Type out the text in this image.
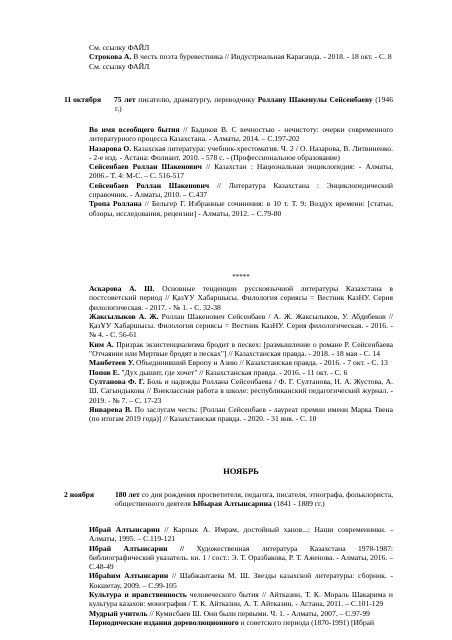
См. ссылку ФАЙЛ
Строкова А. В честь поэта буревестника // Индустриальная Караганда. - 2018. - 18 окт. - С. 8
См. ссылку ФАЙЛ
11 октября 75 лет писателю, драматургу, переводчику Роллану Шакенулы Сейсенбаеву (1946 г.)
Во имя всеобщего бытия // Бадиков В. С вечностью - нечистоту: очерки современного литературного процесса Казахстана. - Алматы, 2014. – С.197-202
Назарова О. Казахская литература: учебник-хрестоматия. Ч. 2 / О. Назарова, В. Литвиненко. - 2-е изд. - Астана: Фолиант, 2010. - 578 с. - (Профессиональное образование)
Сейсенбаев Роллан Шакенович // Казахстан : Национальная энциклопедия: - Алматы, 2006.- Т. 4: М-С. – С. 516-517
Сейсенбаев Роллан Шакенович // Литература Казахстана : Энциклопедический справочник. - Алматы, 2010. – С.437
Тропа Роллана // Бельгер Г. Избранные сочинения: в 10 т. Т. 9: Воздух времени: [статьи, обзоры, исследования, рецензии] - Алматы, 2012. – С.79-80
*****
Аскарова А. Ш. Основные тенденции русскоязычной литературы Казахстана в постсоветский период // ҚазҰУ Хабаршысы. Филология сериясы = Вестник КазНУ. Серия филологическая. - 2017. - № 1. - С. 32-38
Жаксылыков А. Ж. Роллан Шакенович Сейсенбаев / А. Ж. Жаксылыков, У. Абдибеков // ҚазҰУ Хабаршысы. Филология сериясы = Вестник КазНУ. Серия филологическая. - 2016. - № 4. - С. 56-61
Ким А. Призрак экзистенциализма бродит в пескех: [размышление о романе Р. Сейсенбаева "Отчаяние или Мертвые бродят в песках"] // Казахстанская правда. - 2018. - 18 мая - С. 14
Манбетеев У. Объединивший Европу и Азию // Казахстанская правда. - 2016. - 7 окт. - С. 13
Попов Е. "Дух дышит, где хочет" // Казахстанская правда. - 2016. - 11 окт. - С. 6
Султанова Ф. Г. Боль и надежды Роллана Сейсенбаева / Ф. Г. Султанова, Н. А. Жустова, А. Ш. Сагындыкова // Внеклассная работа в школе: республиканский педагогический журнал. - 2019. - № 7. – С. 17-23
Январева В. По заслугам честь: [Роллан Сейсенбаев - лауреат премии имени Марка Твена (по итогам 2019 года)] // Казахстанская правда. - 2020. - 31 янв. - С. 10
НОЯБРЬ
2 ноября	180 лет со дня рождения просветителя, педагога, писателя, этнографа, фольклориста, общественного деятеля Ыбырая Алтынсарина (1841 - 1889 гг.)
Ибрай Алтынсарин // Карпык А. Имрам, достойный ханов...: Наши современники. - Алматы, 1995. – С.119-121
Ибрай Алтынсарин // Художественная литература Казахстана 1978-1987: библиографический указатель. кн. 1 / сост.: Э. Т. Оразбакова, Р. Т. Аженова. - Алматы, 2016. – С.48-49
Ибраhим Алтынсарин // Шабжантаева М. Ш. Звезды казахской литературы: сборник. - Кокшетау, 2009. – С.99-105
Культура и нравственность человеческого бытия // Айтказин, Т. К. Мораль Шакарима и культура казахов: монография / Т. К. Айтказин, А. Т. Айтказин. - Астана, 2011. – С.101-129
Мудрый учитель // Кумисбаев Ш. Они были первыми. Ч. 1. - Алматы, 2007. – С.97-99
Периодические издания дореволюционного и советского периода (1870-1991) [Ибрай
